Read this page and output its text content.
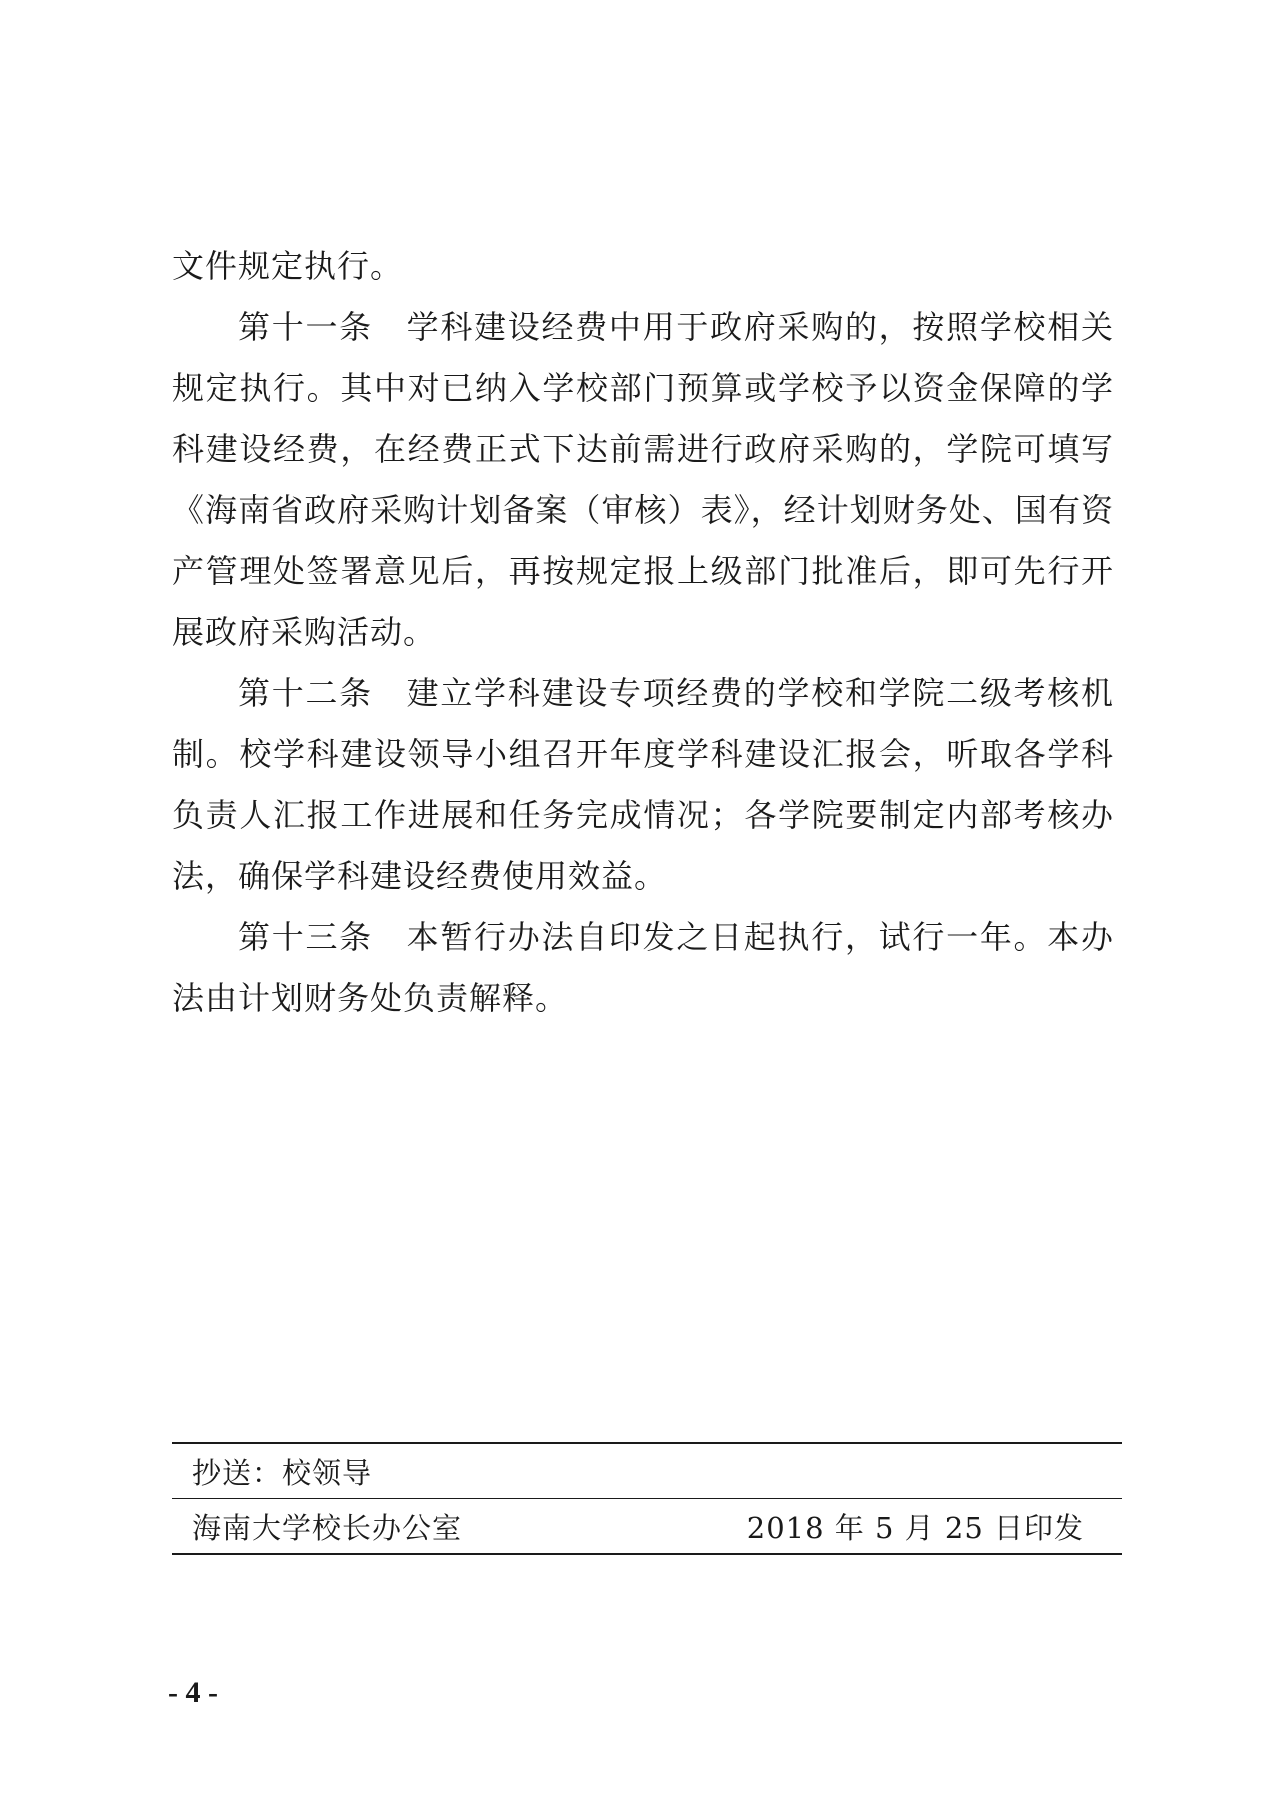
文件规定执行。

第十一条　学科建设经费中用于政府采购的，按照学校相关规定执行。其中对已纳入学校部门预算或学校予以资金保障的学科建设经费，在经费正式下达前需进行政府采购的，学院可填写《海南省政府采购计划备案（审核）表》，经计划财务处、国有资产管理处签署意见后，再按规定报上级部门批准后，即可先行开展政府采购活动。

第十二条　建立学科建设专项经费的学校和学院二级考核机制。校学科建设领导小组召开年度学科建设汇报会，听取各学科负责人汇报工作进展和任务完成情况；各学院要制定内部考核办法，确保学科建设经费使用效益。

第十三条　本暂行办法自印发之日起执行，试行一年。本办法由计划财务处负责解释。

抄送：校领导
海南大学校长办公室	2018 年 5 月 25 日印发
- 4 -
